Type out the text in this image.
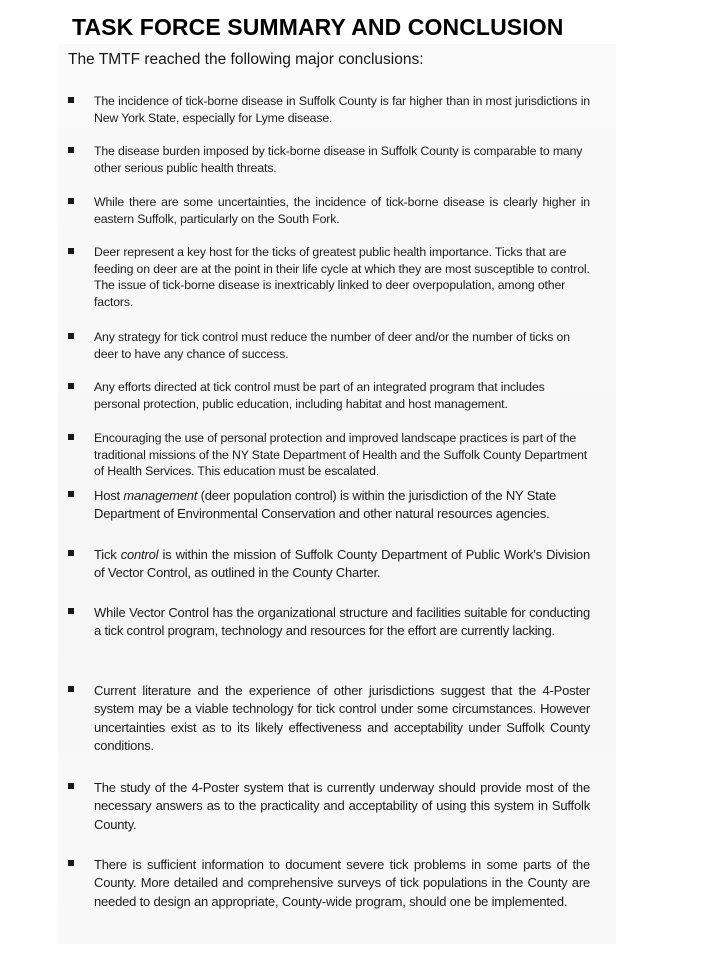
TASK FORCE SUMMARY AND CONCLUSION

The TMTF reached the following major conclusions:

The incidence of tick-borne disease in Suffolk County is far higher than in most jurisdictions in New York State, especially for Lyme disease.

The disease burden imposed by tick-borne disease in Suffolk County is comparable to many other serious public health threats.

While there are some uncertainties, the incidence of tick-borne disease is clearly higher in eastern Suffolk, particularly on the South Fork.

Deer represent a key host for the ticks of greatest public health importance. Ticks that are feeding on deer are at the point in their life cycle at which they are most susceptible to control. The issue of tick-borne disease is inextricably linked to deer overpopulation, among other factors.

Any strategy for tick control must reduce the number of deer and/or the number of ticks on deer to have any chance of success.

Any efforts directed at tick control must be part of an integrated program that includes personal protection, public education, including habitat and host management.

Encouraging the use of personal protection and improved landscape practices is part of the traditional missions of the NY State Department of Health and the Suffolk County Department of Health Services. This education must be escalated.

Host management (deer population control) is within the jurisdiction of the NY State Department of Environmental Conservation and other natural resources agencies.

Tick control is within the mission of Suffolk County Department of Public Work's Division of Vector Control, as outlined in the County Charter.

While Vector Control has the organizational structure and facilities suitable for conducting a tick control program, technology and resources for the effort are currently lacking.

Current literature and the experience of other jurisdictions suggest that the 4-Poster system may be a viable technology for tick control under some circumstances. However uncertainties exist as to its likely effectiveness and acceptability under Suffolk County conditions.

The study of the 4-Poster system that is currently underway should provide most of the necessary answers as to the practicality and acceptability of using this system in Suffolk County.

There is sufficient information to document severe tick problems in some parts of the County. More detailed and comprehensive surveys of tick populations in the County are needed to design an appropriate, County-wide program, should one be implemented.
